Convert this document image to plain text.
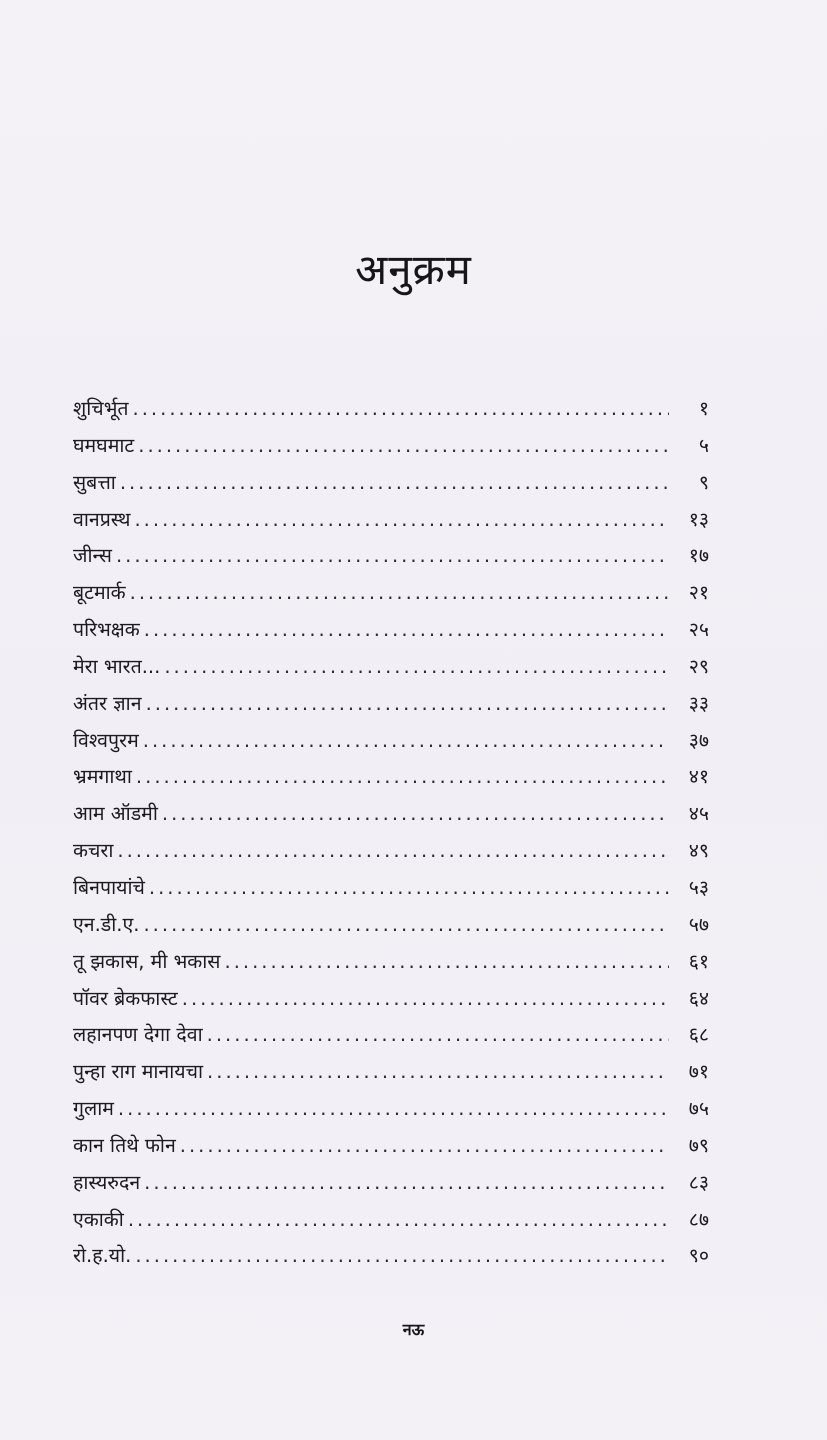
अनुक्रम
शुचिर्भूत .....	१
घमघमाट .....	५
सुबत्ता .....	९
वानप्रस्थ .....	१३
जीन्स .....	१७
बूटमार्क .....	२१
परिभक्षक .....	२५
मेरा भारत... .....	२९
अंतर ज्ञान .....	३३
विश्वपुरम .....	३७
भ्रमगाथा .....	४१
आम ऑडमी .....	४५
कचरा .....	४९
बिनपायांचे .....	५३
एन.डी.ए. .....	५७
तू झकास, मी भकास .....	६१
पॉवर ब्रेकफास्ट .....	६४
लहानपण देगा देवा .....	६८
पुन्हा राग मानायचा .....	७१
गुलाम .....	७५
कान तिथे फोन .....	७९
हास्यरुदन .....	८३
एकाकी .....	८७
रो.ह.यो. .....	९०
नऊ
